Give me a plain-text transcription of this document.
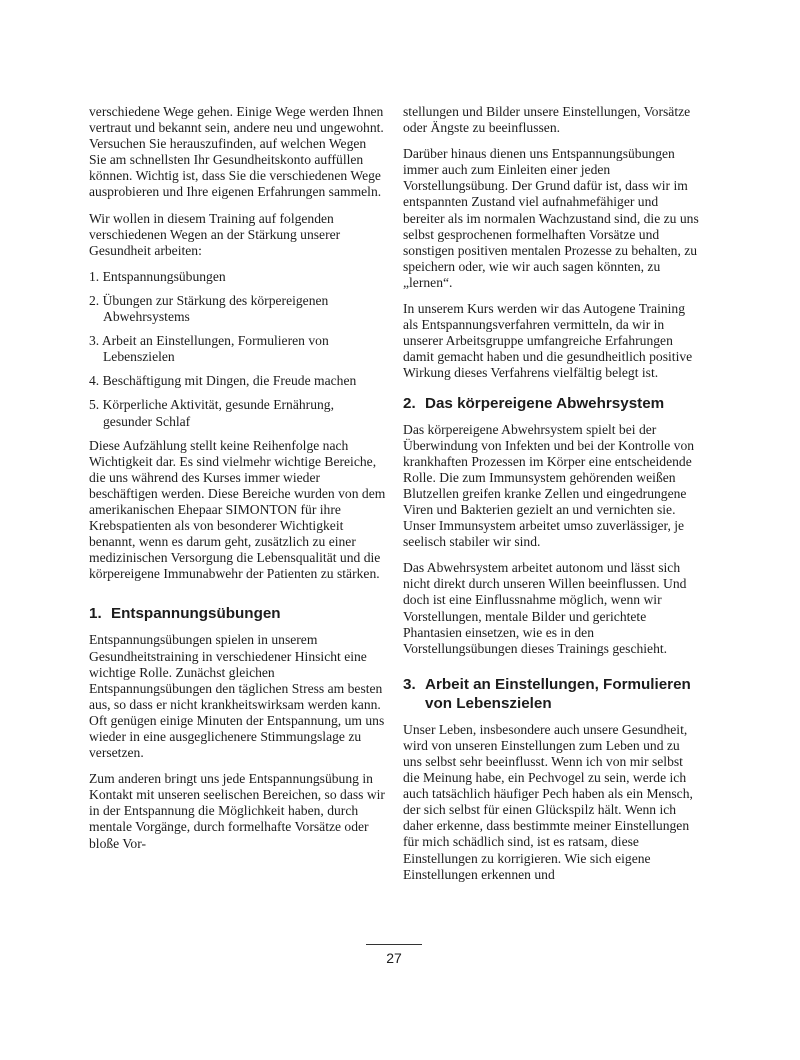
verschiedene Wege gehen. Einige Wege werden Ihnen vertraut und bekannt sein, andere neu und ungewohnt. Versuchen Sie herauszufinden, auf welchen Wegen Sie am schnellsten Ihr Gesundheitskonto auffüllen können. Wichtig ist, dass Sie die verschiedenen Wege ausprobieren und Ihre eigenen Erfahrungen sammeln.

Wir wollen in diesem Training auf folgenden verschiedenen Wegen an der Stärkung unserer Gesundheit arbeiten:

1. Entspannungsübungen
2. Übungen zur Stärkung des körpereigenen Abwehrsystems
3. Arbeit an Einstellungen, Formulieren von Lebenszielen
4. Beschäftigung mit Dingen, die Freude machen
5. Körperliche Aktivität, gesunde Ernährung, gesunder Schlaf

Diese Aufzählung stellt keine Reihenfolge nach Wichtigkeit dar. Es sind vielmehr wichtige Bereiche, die uns während des Kurses immer wieder beschäftigen werden. Diese Bereiche wurden von dem amerikanischen Ehepaar SIMONTON für ihre Krebspatienten als von besonderer Wichtigkeit benannt, wenn es darum geht, zusätzlich zu einer medizinischen Versorgung die Lebensqualität und die körpereigene Immunabwehr der Patienten zu stärken.

1. Entspannungsübungen

Entspannungsübungen spielen in unserem Gesundheitstraining in verschiedener Hinsicht eine wichtige Rolle. Zunächst gleichen Entspannungsübungen den täglichen Stress am besten aus, so dass er nicht krankheitswirksam werden kann. Oft genügen einige Minuten der Entspannung, um uns wieder in eine ausgeglichenere Stimmungslage zu versetzen.

Zum anderen bringt uns jede Entspannungsübung in Kontakt mit unseren seelischen Bereichen, so dass wir in der Entspannung die Möglichkeit haben, durch mentale Vorgänge, durch formelhafte Vorsätze oder bloße Vor-

stellungen und Bilder unsere Einstellungen, Vorsätze oder Ängste zu beeinflussen.

Darüber hinaus dienen uns Entspannungsübungen immer auch zum Einleiten einer jeden Vorstellungsübung. Der Grund dafür ist, dass wir im entspannten Zustand viel aufnahmefähiger und bereiter als im normalen Wachzustand sind, die zu uns selbst gesprochenen formelhaften Vorsätze und sonstigen positiven mentalen Prozesse zu behalten, zu speichern oder, wie wir auch sagen könnten, zu „lernen“.

In unserem Kurs werden wir das Autogene Training als Entspannungsverfahren vermitteln, da wir in unserer Arbeitsgruppe umfangreiche Erfahrungen damit gemacht haben und die gesundheitlich positive Wirkung dieses Verfahrens vielfältig belegt ist.

2. Das körpereigene Abwehrsystem

Das körpereigene Abwehrsystem spielt bei der Überwindung von Infekten und bei der Kontrolle von krankhaften Prozessen im Körper eine entscheidende Rolle. Die zum Immunsystem gehörenden weißen Blutzellen greifen kranke Zellen und eingedrungene Viren und Bakterien gezielt an und vernichten sie. Unser Immunsystem arbeitet umso zuverlässiger, je seelisch stabiler wir sind.

Das Abwehrsystem arbeitet autonom und lässt sich nicht direkt durch unseren Willen beeinflussen. Und doch ist eine Einflussnahme möglich, wenn wir Vorstellungen, mentale Bilder und gerichtete Phantasien einsetzen, wie es in den Vorstellungsübungen dieses Trainings geschieht.

3. Arbeit an Einstellungen, Formulieren von Lebenszielen

Unser Leben, insbesondere auch unsere Gesundheit, wird von unseren Einstellungen zum Leben und zu uns selbst sehr beeinflusst. Wenn ich von mir selbst die Meinung habe, ein Pechvogel zu sein, werde ich auch tatsächlich häufiger Pech haben als ein Mensch, der sich selbst für einen Glückspilz hält. Wenn ich daher erkenne, dass bestimmte meiner Einstellungen für mich schädlich sind, ist es ratsam, diese Einstellungen zu korrigieren. Wie sich eigene Einstellungen erkennen und

27
